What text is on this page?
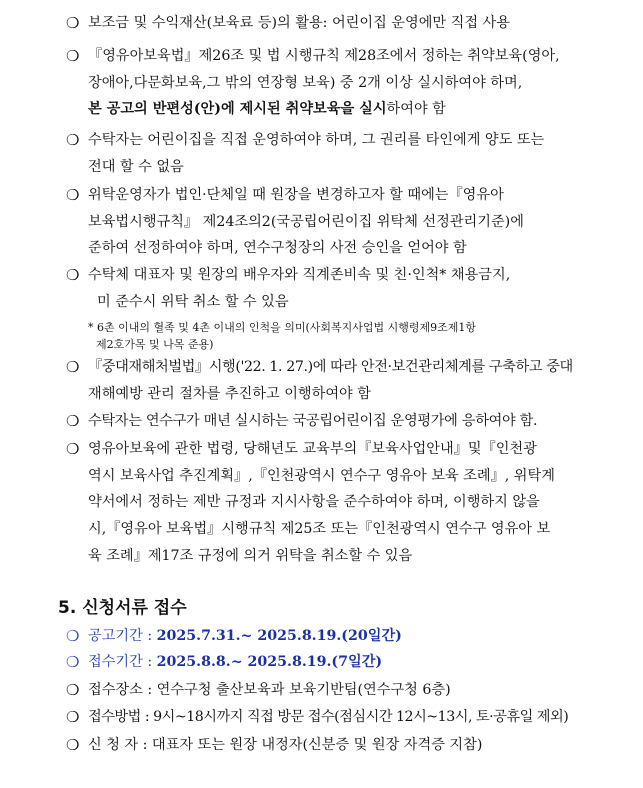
❍ 보조금 및 수익재산(보육료 등)의 활용: 어린이집 운영에만 직접 사용
❍ 『영유아보육법』제26조 및 법 시행규칙 제28조에서 정하는 취약보육(영아,
장애아,다문화보육,그 밖의 연장형 보육) 중 2개 이상 실시하여야 하며,
본 공고의 반편성(안)에 제시된 취약보육을 실시하여야 함
❍ 수탁자는 어린이집을 직접 운영하여야 하며, 그 권리를 타인에게 양도 또는
전대 할 수 없음
❍ 위탁운영자가 법인·단체일 때 원장을 변경하고자 할 때에는『영유아
보육법시행규칙』 제24조의2(국공립어린이집 위탁체 선정관리기준)에
준하여 선정하여야 하며, 연수구청장의 사전 승인을 얻어야 함
❍ 수탁체 대표자 및 원장의 배우자와 직계존비속 및 친·인척* 채용금지,
미 준수시 위탁 취소 할 수 있음
* 6촌 이내의 혈족 및 4촌 이내의 인척을 의미(사회복지사업법 시행령제9조제1항
제2호가목 및 나목 준용)
❍ 『중대재해처벌법』시행('22. 1. 27.)에 따라 안전·보건관리체계를 구축하고 중대
재해예방 관리 절차를 추진하고 이행하여야 함
❍ 수탁자는 연수구가 매년 실시하는 국공립어린이집 운영평가에 응하여야 함.
❍ 영유아보육에 관한 법령, 당해년도 교육부의『보육사업안내』및『인천광
역시 보육사업 추진계획』,『인천광역시 연수구 영유아 보육 조례』, 위탁계
약서에서 정하는 제반 규정과 지시사항을 준수하여야 하며, 이행하지 않을
시,『영유아 보육법』시행규칙 제25조 또는『인천광역시 연수구 영유아 보
육 조례』제17조 규정에 의거 위탁을 취소할 수 있음
5. 신청서류 접수
❍ 공고기간 : 2025.7.31.~ 2025.8.19.(20일간)
❍ 접수기간 : 2025.8.8.~ 2025.8.19.(7일간)
❍ 접수장소 : 연수구청 출산보육과 보육기반팀(연수구청 6층)
❍ 접수방법 : 9시~18시까지 직접 방문 접수(점심시간 12시~13시, 토·공휴일 제외)
❍ 신 청 자 : 대표자 또는 원장 내정자(신분증 및 원장 자격증 지참)
